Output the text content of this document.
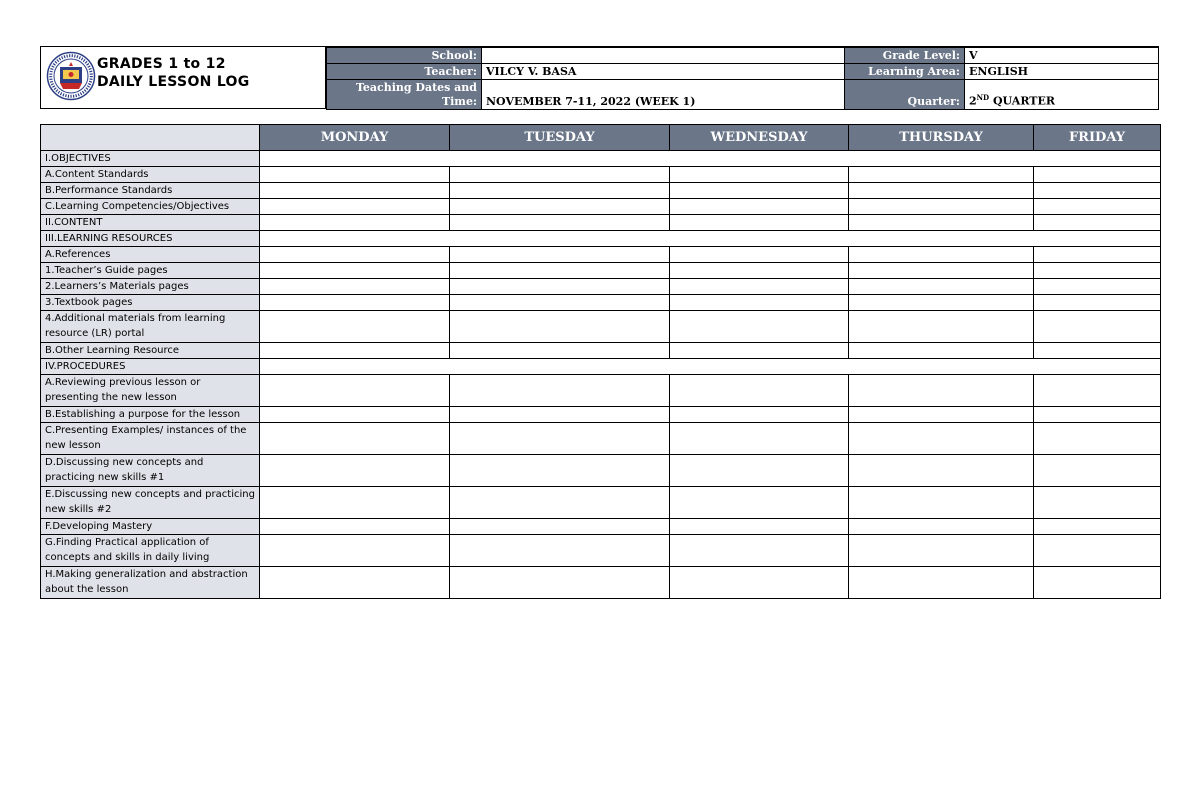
GRADES 1 to 12
DAILY LESSON LOG
School:		Grade Level:	V
Teacher:	VILCY V. BASA	Learning Area:	ENGLISH
Teaching Dates and Time:	NOVEMBER 7-11, 2022 (WEEK 1)	Quarter:	2ND QUARTER
	MONDAY	TUESDAY	WEDNESDAY	THURSDAY	FRIDAY
I.OBJECTIVES					
A.Content Standards					
B.Performance Standards					
C.Learning Competencies/Objectives					
II.CONTENT					
III.LEARNING RESOURCES					
A.References					
1.Teacher’s Guide pages					
2.Learners’s Materials pages					
3.Textbook pages					
4.Additional materials from learning resource (LR) portal					
B.Other Learning Resource					
IV.PROCEDURES					
A.Reviewing previous lesson or presenting the new lesson					
B.Establishing a purpose for the lesson					
C.Presenting Examples/ instances of the new lesson					
D.Discussing new concepts and practicing new skills #1					
E.Discussing new concepts and practicing new skills #2					
F.Developing Mastery					
G.Finding Practical application of concepts and skills in daily living					
H.Making generalization and abstraction about the lesson					
